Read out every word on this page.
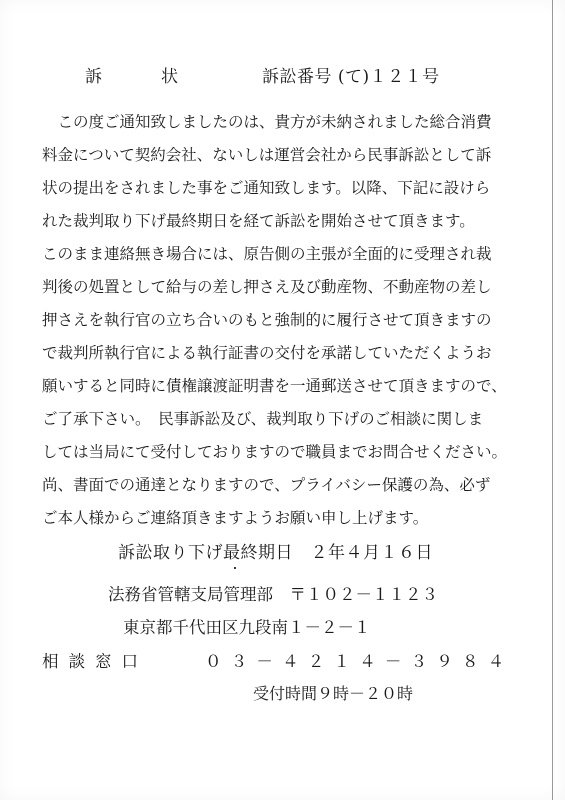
訴	状	訴訟番号 (て)１２１号
　この度ご通知致しましたのは、貴方が未納されました総合消費
料金について契約会社、ないしは運営会社から民事訴訟として訴
状の提出をされました事をご通知致します。以降、下記に設けら
れた裁判取り下げ最終期日を経て訴訟を開始させて頂きます。
このまま連絡無き場合には、原告側の主張が全面的に受理され裁
判後の処置として給与の差し押さえ及び動産物、不動産物の差し
押さえを執行官の立ち合いのもと強制的に履行させて頂きますの
で裁判所執行官による執行証書の交付を承諾していただくようお
願いすると同時に債権譲渡証明書を一通郵送させて頂きますので、
ご了承下さい。　民事訴訟及び、裁判取り下げのご相談に関しま
しては当局にて受付しておりますので職員までお問合せください。
尚、書面での通達となりますので、プライバシー保護の為、必ず
ご本人様からご連絡頂きますようお願い申し上げます。
訴訟取り下げ最終期日　２年４月１６日
法務省管轄支局管理部　〒１０２－１１２３
東京都千代田区九段南１－２－１
相談窓口	０３－４２１４－３９８４
受付時間９時－２０時
